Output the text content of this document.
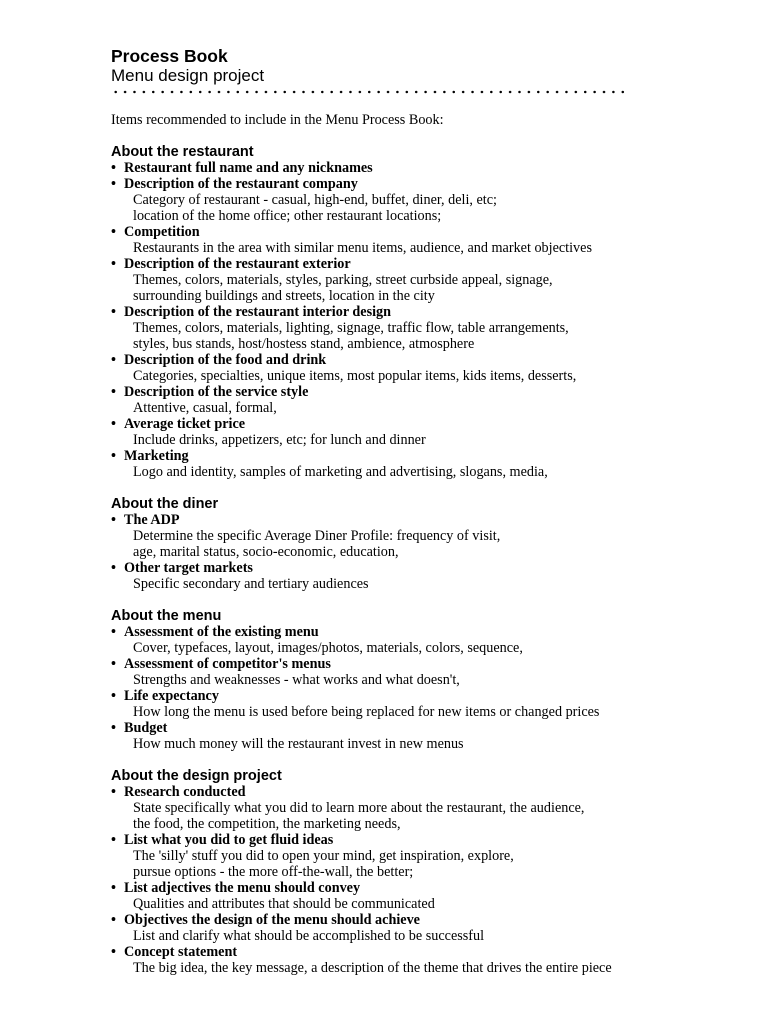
Process Book
Menu design project
Items recommended to include in the Menu Process Book:
About the restaurant
• Restaurant full name and any nicknames
• Description of the restaurant company
Category of restaurant - casual, high-end, buffet, diner, deli, etc;
location of the home office; other restaurant locations;
• Competition
Restaurants in the area with similar menu items, audience, and market objectives
• Description of the restaurant exterior
Themes, colors, materials, styles, parking, street curbside appeal, signage,
surrounding buildings and streets, location in the city
• Description of the restaurant interior design
Themes, colors, materials, lighting, signage, traffic flow, table arrangements,
styles, bus stands, host/hostess stand, ambience, atmosphere
• Description of the food and drink
Categories, specialties, unique items, most popular items, kids items, desserts,
• Description of the service style
Attentive, casual, formal,
• Average ticket price
Include drinks, appetizers, etc; for lunch and dinner
• Marketing
Logo and identity, samples of marketing and advertising, slogans, media,
About the diner
• The ADP
Determine the specific Average Diner Profile: frequency of visit,
age, marital status, socio-economic, education,
• Other target markets
Specific secondary and tertiary audiences
About the menu
• Assessment of the existing menu
Cover, typefaces, layout, images/photos, materials, colors, sequence,
• Assessment of competitor's menus
Strengths and weaknesses - what works and what doesn't,
• Life expectancy
How long the menu is used before being replaced for new items or changed prices
• Budget
How much money will the restaurant invest in new menus
About the design project
• Research conducted
State specifically what you did to learn more about the restaurant, the audience,
the food, the competition, the marketing needs,
• List what you did to get fluid ideas
The 'silly' stuff you did to open your mind, get inspiration, explore,
pursue options - the more off-the-wall, the better;
• List adjectives the menu should convey
Qualities and attributes that should be communicated
• Objectives the design of the menu should achieve
List and clarify what should be accomplished to be successful
• Concept statement
The big idea, the key message, a description of the theme that drives the entire piece
